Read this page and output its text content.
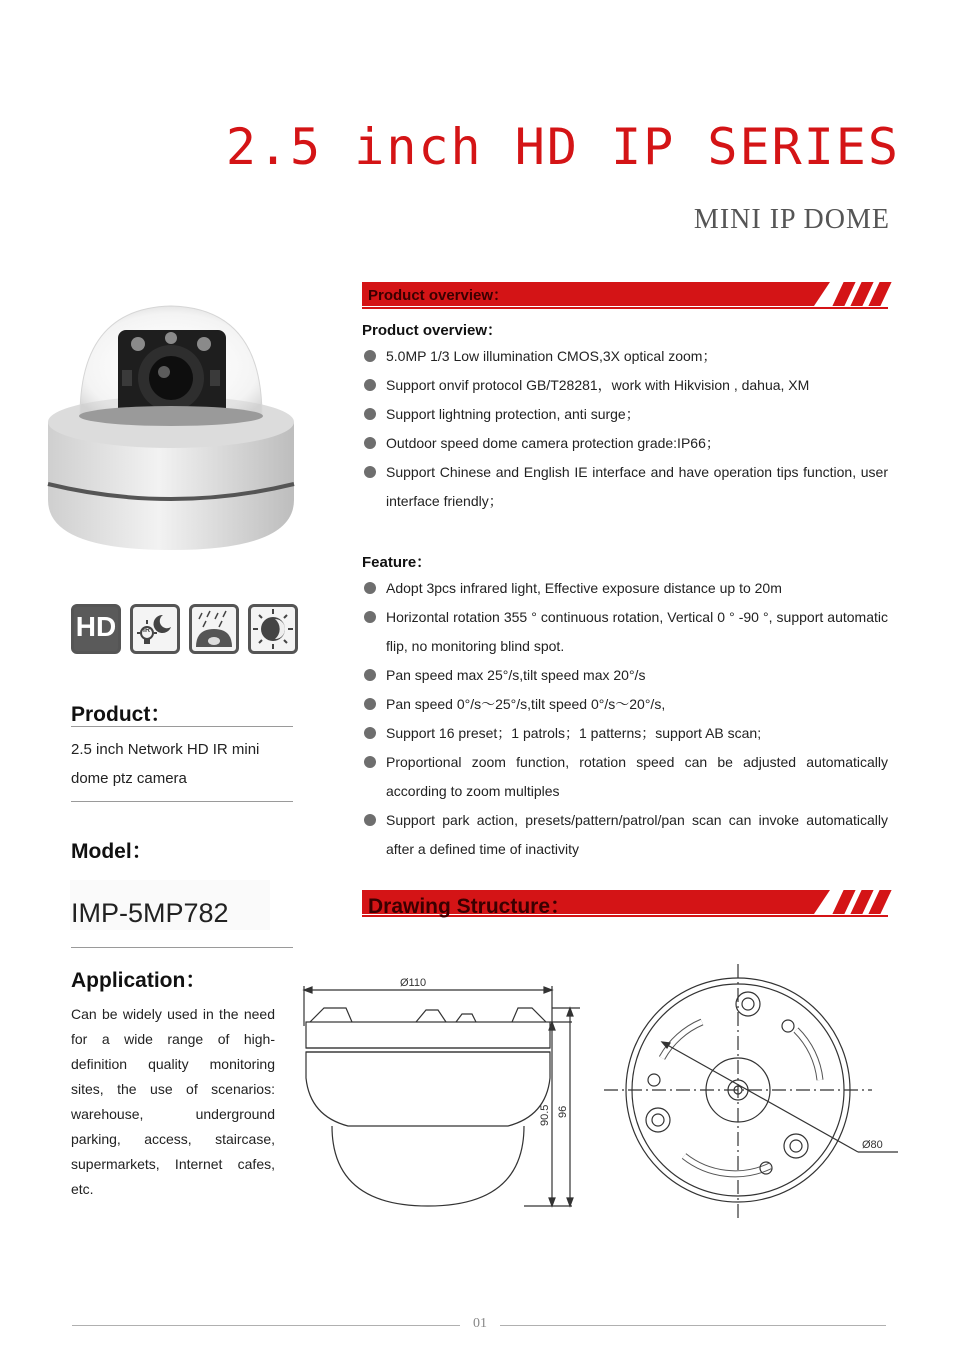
2.5 inch HD IP SERIES
MINI IP DOME
HD	IR
Product：
2.5 inch Network HD IR mini dome ptz camera
Model：
IMP-5MP782
Application：
Can be widely used in the need for a wide range of high-definition quality monitoring sites, the use of scenarios: warehouse, underground parking, access, staircase, supermarkets, Internet cafes, etc.
Product overview：
Product overview：
5.0MP 1/3 Low illumination CMOS,3X optical zoom；
Support onvif protocol GB/T28281，work with Hikvision , dahua, XM
Support lightning protection, anti surge；
Outdoor speed dome camera protection grade:IP66；
Support Chinese and English IE interface and have operation tips function, user interface friendly；
Feature：
Adopt 3pcs infrared light, Effective exposure distance up to 20m
Horizontal rotation 355 ° continuous rotation, Vertical 0 ° -90 °, support automatic flip, no monitoring blind spot.
Pan speed max 25°/s,tilt speed max 20°/s
Pan speed 0°/s～25°/s,tilt speed 0°/s～20°/s,
Support 16 preset；1 patrols；1 patterns；support AB scan;
Proportional zoom function, rotation speed can be adjusted automatically according to zoom multiples
Support park action, presets/pattern/patrol/pan scan can invoke automatically after a defined time of inactivity
Drawing Structure：
Ø110
90.5 96
Ø80
01
